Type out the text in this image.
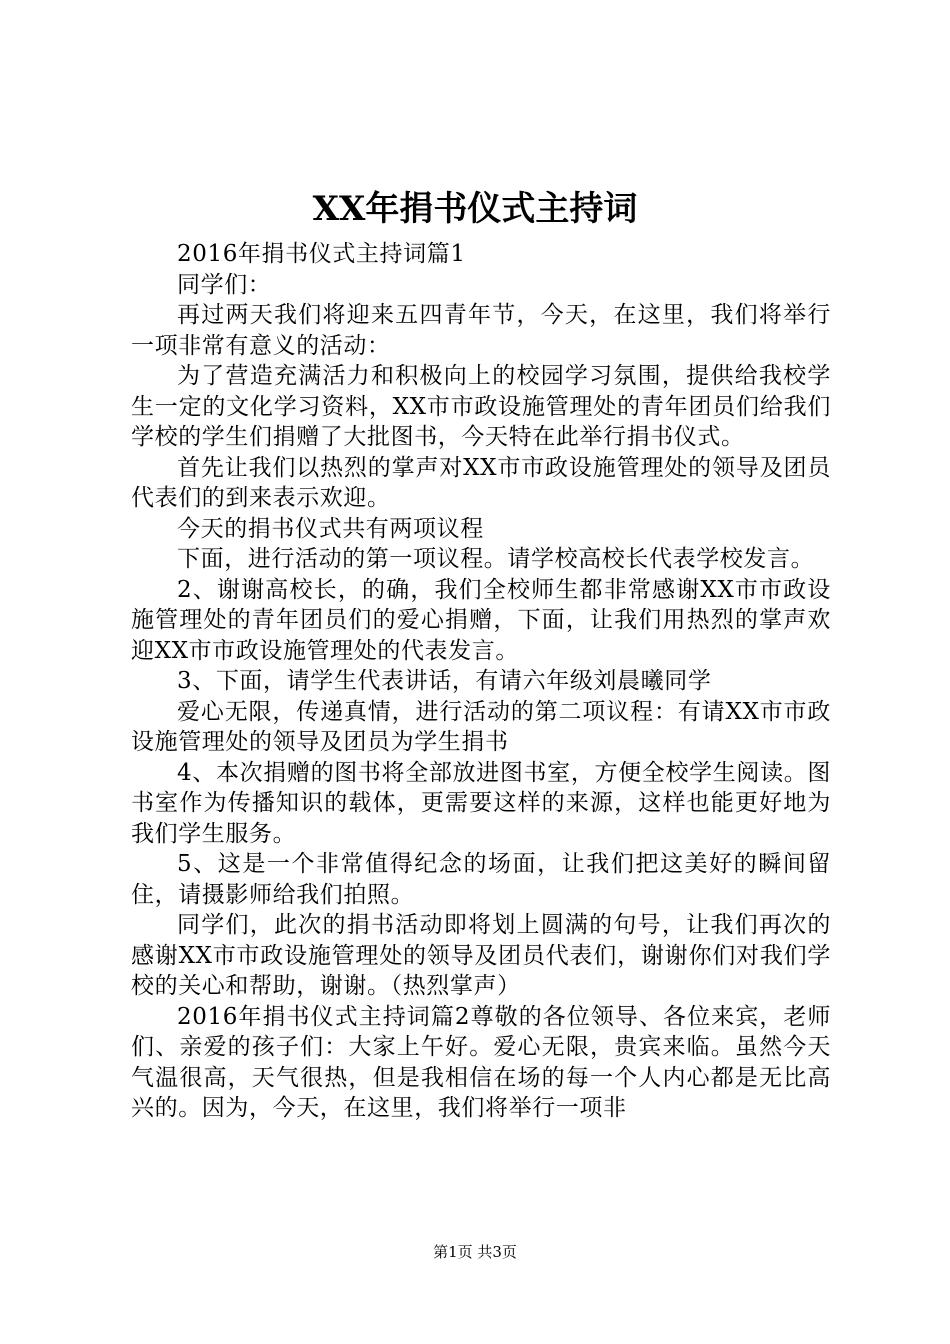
XX年捐书仪式主持词

2016年捐书仪式主持词篇1

同学们：

再过两天我们将迎来五四青年节，今天，在这里，我们将举行一项非常有意义的活动：

为了营造充满活力和积极向上的校园学习氛围，提供给我校学生一定的文化学习资料，XX市市政设施管理处的青年团员们给我们学校的学生们捐赠了大批图书，今天特在此举行捐书仪式。

首先让我们以热烈的掌声对XX市市政设施管理处的领导及团员代表们的到来表示欢迎。

今天的捐书仪式共有两项议程

下面，进行活动的第一项议程。请学校高校长代表学校发言。

2、谢谢高校长，的确，我们全校师生都非常感谢XX市市政设施管理处的青年团员们的爱心捐赠，下面，让我们用热烈的掌声欢迎XX市市政设施管理处的代表发言。

3、下面，请学生代表讲话，有请六年级刘晨曦同学

爱心无限，传递真情，进行活动的第二项议程：有请XX市市政设施管理处的领导及团员为学生捐书

4、本次捐赠的图书将全部放进图书室，方便全校学生阅读。图书室作为传播知识的载体，更需要这样的来源，这样也能更好地为我们学生服务。

5、这是一个非常值得纪念的场面，让我们把这美好的瞬间留住，请摄影师给我们拍照。

同学们，此次的捐书活动即将划上圆满的句号，让我们再次的感谢XX市市政设施管理处的领导及团员代表们，谢谢你们对我们学校的关心和帮助，谢谢。（热烈掌声）

2016年捐书仪式主持词篇2尊敬的各位领导、各位来宾，老师们、亲爱的孩子们：大家上午好。爱心无限，贵宾来临。虽然今天气温很高，天气很热，但是我相信在场的每一个人内心都是无比高兴的。因为，今天，在这里，我们将举行一项非

第1页 共3页
